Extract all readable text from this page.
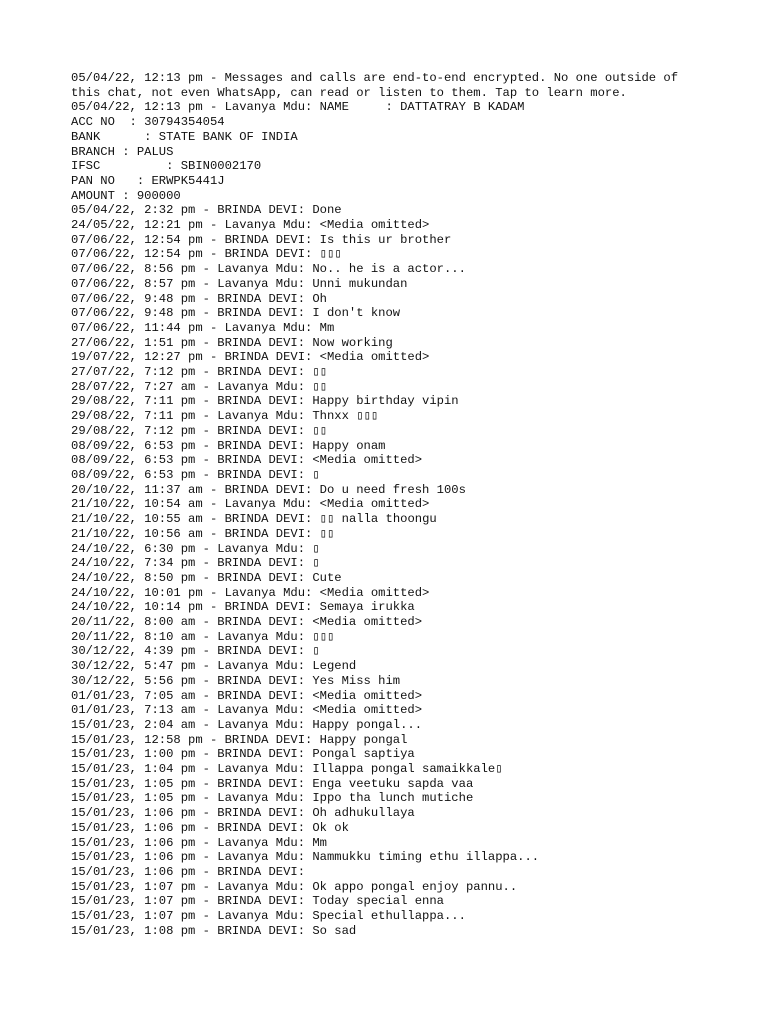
05/04/22, 12:13 pm - Messages and calls are end-to-end encrypted. No one outside of
this chat, not even WhatsApp, can read or listen to them. Tap to learn more.
05/04/22, 12:13 pm - Lavanya Mdu: NAME     : DATTATRAY B KADAM
ACC NO  : 30794354054
BANK      : STATE BANK OF INDIA
BRANCH : PALUS
IFSC         : SBIN0002170
PAN NO   : ERWPK5441J
AMOUNT : 900000
05/04/22, 2:32 pm - BRINDA DEVI: Done
24/05/22, 12:21 pm - Lavanya Mdu: <Media omitted>
07/06/22, 12:54 pm - BRINDA DEVI: Is this ur brother
07/06/22, 12:54 pm - BRINDA DEVI: ▯▯▯
07/06/22, 8:56 pm - Lavanya Mdu: No.. he is a actor...
07/06/22, 8:57 pm - Lavanya Mdu: Unni mukundan
07/06/22, 9:48 pm - BRINDA DEVI: Oh
07/06/22, 9:48 pm - BRINDA DEVI: I don't know
07/06/22, 11:44 pm - Lavanya Mdu: Mm
27/06/22, 1:51 pm - BRINDA DEVI: Now working
19/07/22, 12:27 pm - BRINDA DEVI: <Media omitted>
27/07/22, 7:12 pm - BRINDA DEVI: ▯▯
28/07/22, 7:27 am - Lavanya Mdu: ▯▯
29/08/22, 7:11 pm - BRINDA DEVI: Happy birthday vipin
29/08/22, 7:11 pm - Lavanya Mdu: Thnxx ▯▯▯
29/08/22, 7:12 pm - BRINDA DEVI: ▯▯
08/09/22, 6:53 pm - BRINDA DEVI: Happy onam
08/09/22, 6:53 pm - BRINDA DEVI: <Media omitted>
08/09/22, 6:53 pm - BRINDA DEVI: ▯
20/10/22, 11:37 am - BRINDA DEVI: Do u need fresh 100s
21/10/22, 10:54 am - Lavanya Mdu: <Media omitted>
21/10/22, 10:55 am - BRINDA DEVI: ▯▯ nalla thoongu
21/10/22, 10:56 am - BRINDA DEVI: ▯▯
24/10/22, 6:30 pm - Lavanya Mdu: ▯
24/10/22, 7:34 pm - BRINDA DEVI: ▯
24/10/22, 8:50 pm - BRINDA DEVI: Cute
24/10/22, 10:01 pm - Lavanya Mdu: <Media omitted>
24/10/22, 10:14 pm - BRINDA DEVI: Semaya irukka
20/11/22, 8:00 am - BRINDA DEVI: <Media omitted>
20/11/22, 8:10 am - Lavanya Mdu: ▯▯▯
30/12/22, 4:39 pm - BRINDA DEVI: ▯
30/12/22, 5:47 pm - Lavanya Mdu: Legend
30/12/22, 5:56 pm - BRINDA DEVI: Yes Miss him
01/01/23, 7:05 am - BRINDA DEVI: <Media omitted>
01/01/23, 7:13 am - Lavanya Mdu: <Media omitted>
15/01/23, 2:04 am - Lavanya Mdu: Happy pongal...
15/01/23, 12:58 pm - BRINDA DEVI: Happy pongal
15/01/23, 1:00 pm - BRINDA DEVI: Pongal saptiya
15/01/23, 1:04 pm - Lavanya Mdu: Illappa pongal samaikkale▯
15/01/23, 1:05 pm - BRINDA DEVI: Enga veetuku sapda vaa
15/01/23, 1:05 pm - Lavanya Mdu: Ippo tha lunch mutiche
15/01/23, 1:06 pm - BRINDA DEVI: Oh adhukullaya
15/01/23, 1:06 pm - BRINDA DEVI: Ok ok
15/01/23, 1:06 pm - Lavanya Mdu: Mm
15/01/23, 1:06 pm - Lavanya Mdu: Nammukku timing ethu illappa...
15/01/23, 1:06 pm - BRINDA DEVI:
15/01/23, 1:07 pm - Lavanya Mdu: Ok appo pongal enjoy pannu..
15/01/23, 1:07 pm - BRINDA DEVI: Today special enna
15/01/23, 1:07 pm - Lavanya Mdu: Special ethullappa...
15/01/23, 1:08 pm - BRINDA DEVI: So sad
